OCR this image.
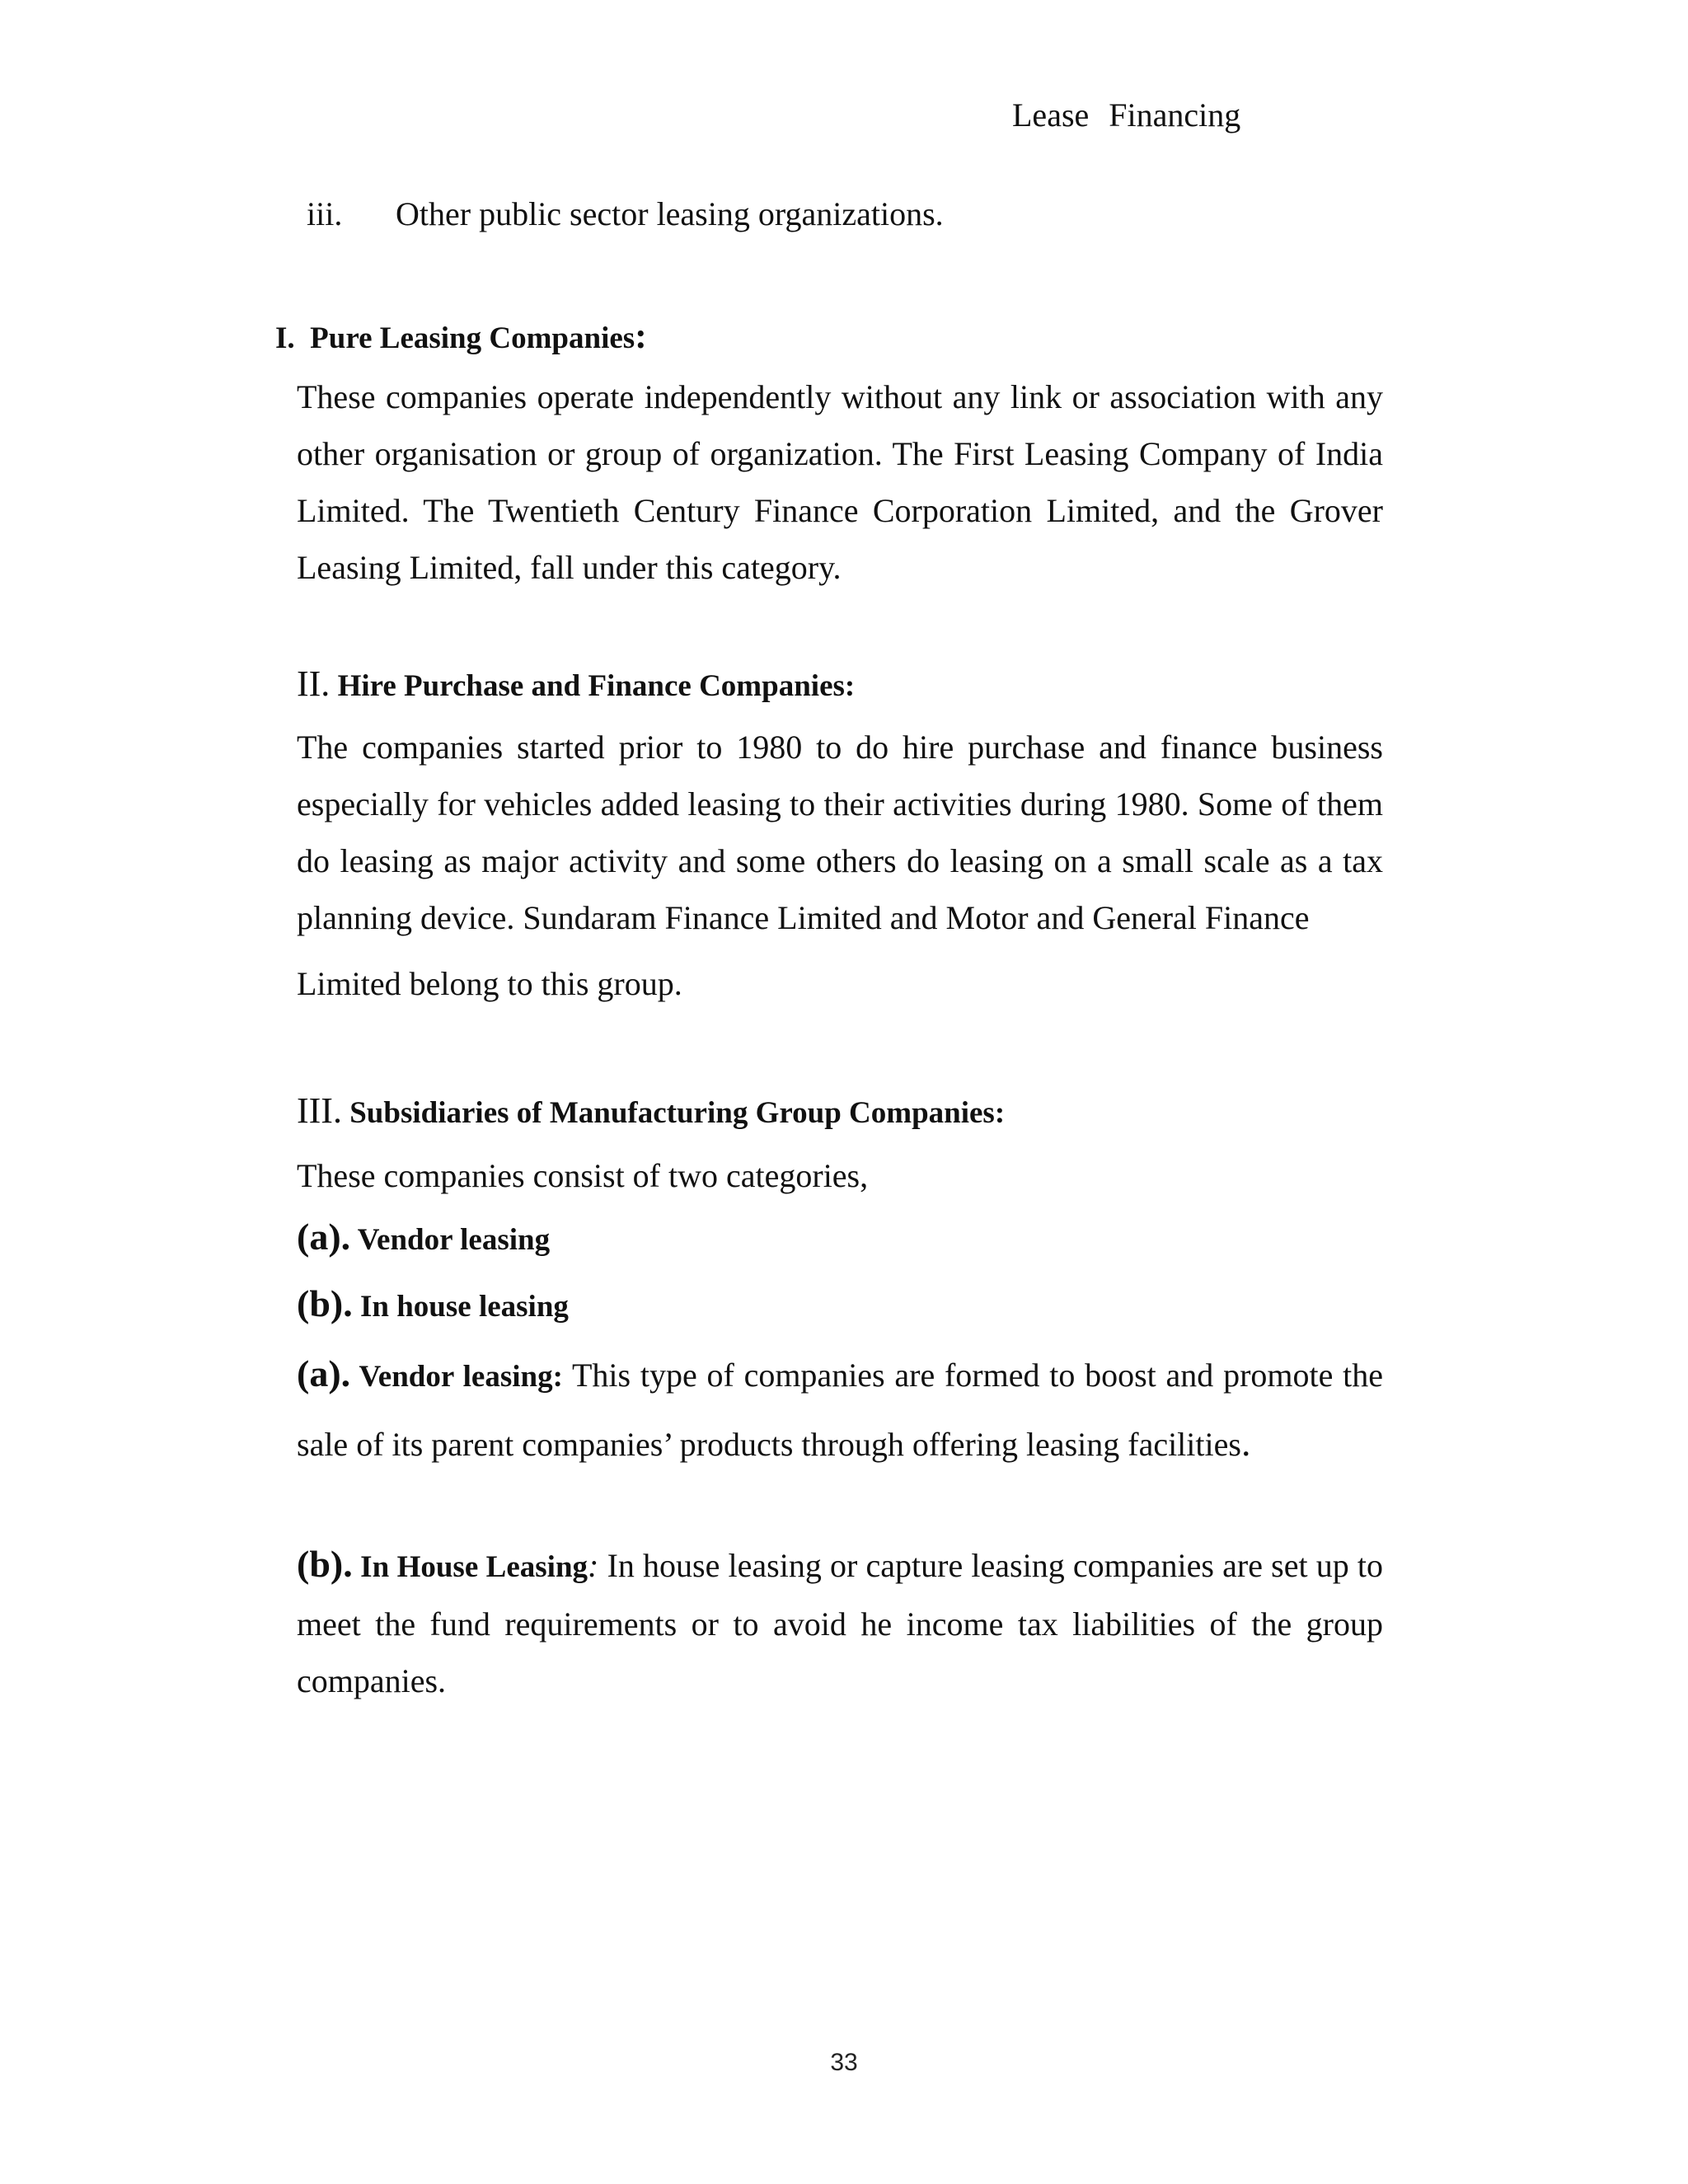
Lease Financing
iii. Other public sector leasing organizations.
I. Pure Leasing Companies:

These companies operate independently without any link or association with any other organisation or group of organization. The First Leasing Company of India Limited. The Twentieth Century Finance Corporation Limited, and the Grover Leasing Limited, fall under this category.

II. Hire Purchase and Finance Companies:

The companies started prior to 1980 to do hire purchase and finance business especially for vehicles added leasing to their activities during 1980. Some of them do leasing as major activity and some others do leasing on a small scale as a tax planning device. Sundaram Finance Limited and Motor and General Finance

Limited belong to this group.
III. Subsidiaries of Manufacturing Group Companies:
These companies consist of two categories,
(a). Vendor leasing
(b). In house leasing

(a). Vendor leasing: This type of companies are formed to boost and promote the sale of its parent companies’ products through offering leasing facilities.

(b). In House Leasing: In house leasing or capture leasing companies are set up to meet the fund requirements or to avoid he income tax liabilities of the group companies.

33
